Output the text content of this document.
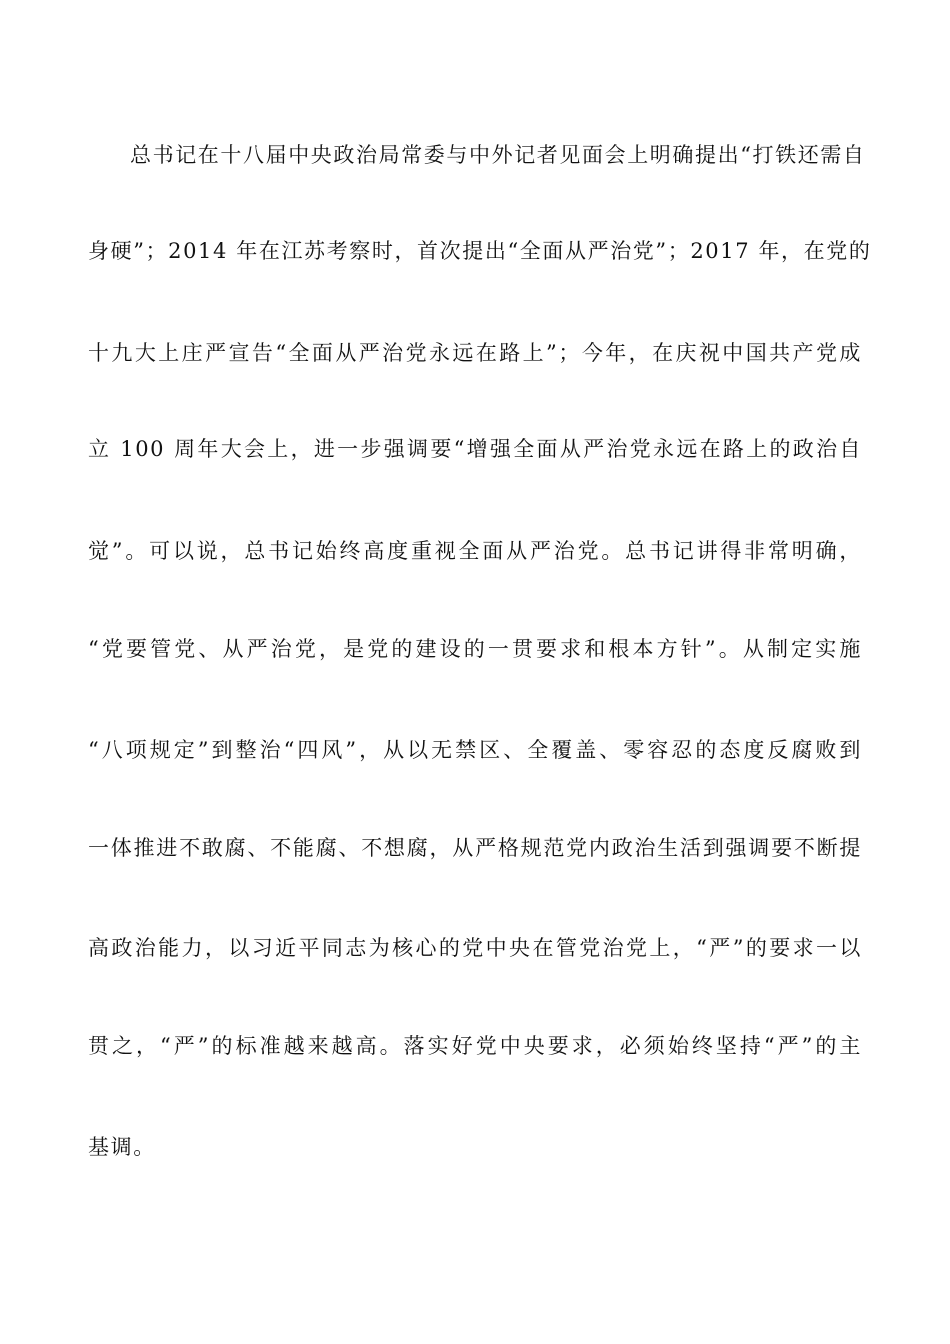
总书记在十八届中央政治局常委与中外记者见面会上明确提出“打铁还需自
身硬”；2014 年在江苏考察时，首次提出“全面从严治党”；2017 年，在党的
十九大上庄严宣告“全面从严治党永远在路上”；今年，在庆祝中国共产党成
立 100 周年大会上，进一步强调要“增强全面从严治党永远在路上的政治自
觉”。可以说，总书记始终高度重视全面从严治党。总书记讲得非常明确，
“党要管党、从严治党，是党的建设的一贯要求和根本方针”。从制定实施
“八项规定”到整治“四风”，从以无禁区、全覆盖、零容忍的态度反腐败到
一体推进不敢腐、不能腐、不想腐，从严格规范党内政治生活到强调要不断提
高政治能力，以习近平同志为核心的党中央在管党治党上，“严”的要求一以
贯之，“严”的标准越来越高。落实好党中央要求，必须始终坚持“严”的主
基调。
